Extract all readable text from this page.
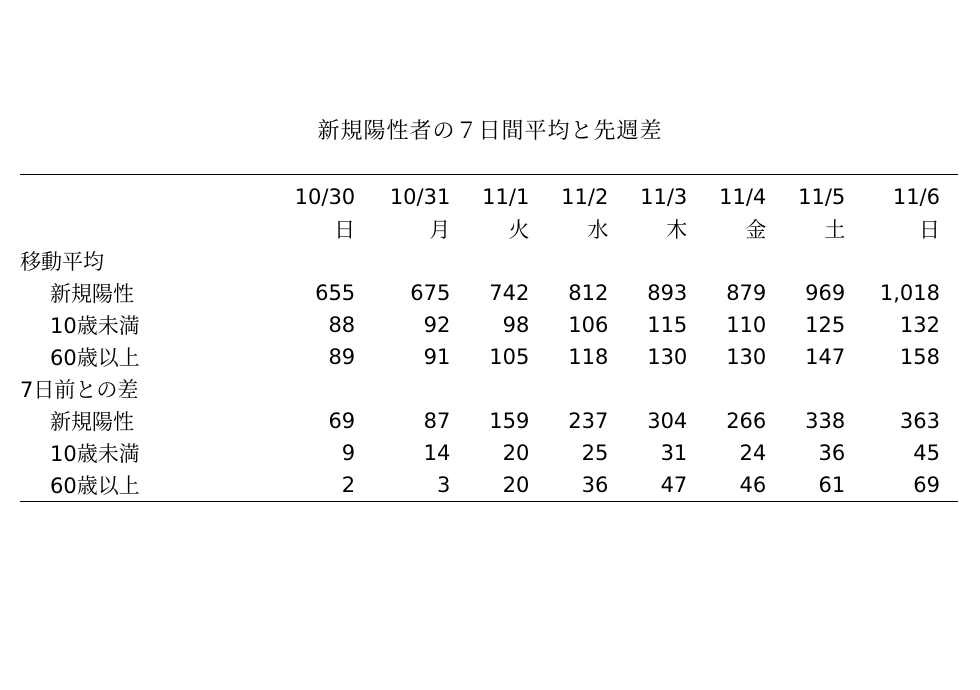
新規陽性者の７日間平均と先週差
	10/30	10/31	11/1	11/2	11/3	11/4	11/5	11/6
	日	月	火	水	木	金	土	日
移動平均								
新規陽性	655	675	742	812	893	879	969	1,018
10歳未満	88	92	98	106	115	110	125	132
60歳以上	89	91	105	118	130	130	147	158
7日前との差								
新規陽性	69	87	159	237	304	266	338	363
10歳未満	9	14	20	25	31	24	36	45
60歳以上	2	3	20	36	47	46	61	69
